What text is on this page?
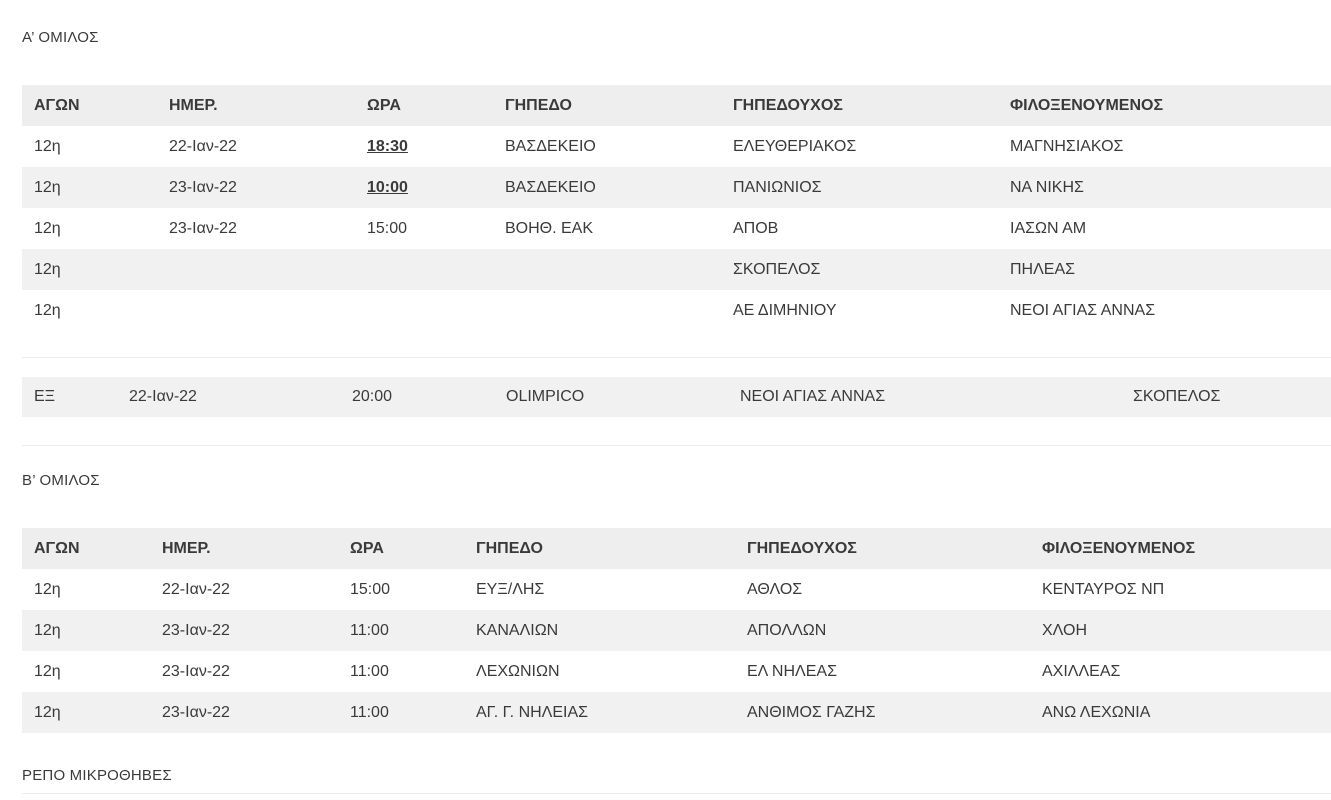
Α’ ΟΜΙΛΟΣ
ΑΓΩΝ	ΗΜΕΡ.	ΩΡΑ	ΓΗΠΕΔΟ	ΓΗΠΕΔΟΥΧΟΣ	ΦΙΛΟΞΕΝΟΥΜΕΝΟΣ
12η	22-Ιαν-22	18:30	ΒΑΣΔΕΚΕΙΟ	ΕΛΕΥΘΕΡΙΑΚΟΣ	ΜΑΓΝΗΣΙΑΚΟΣ
12η	23-Ιαν-22	10:00	ΒΑΣΔΕΚΕΙΟ	ΠΑΝΙΩΝΙΟΣ	ΝΑ ΝΙΚΗΣ
12η	23-Ιαν-22	15:00	ΒΟΗΘ. ΕΑΚ	ΑΠΟΒ	ΙΑΣΩΝ ΑΜ
12η				ΣΚΟΠΕΛΟΣ	ΠΗΛΕΑΣ
12η				ΑΕ ΔΙΜΗΝΙΟΥ	ΝΕΟΙ ΑΓΙΑΣ ΑΝΝΑΣ
ΕΞ	22-Ιαν-22	20:00	OLIMPICO	ΝΕΟΙ ΑΓΙΑΣ ΑΝΝΑΣ	ΣΚΟΠΕΛΟΣ
Β’ ΟΜΙΛΟΣ
ΑΓΩΝ	ΗΜΕΡ.	ΩΡΑ	ΓΗΠΕΔΟ	ΓΗΠΕΔΟΥΧΟΣ	ΦΙΛΟΞΕΝΟΥΜΕΝΟΣ
12η	22-Ιαν-22	15:00	ΕΥΞ/ΛΗΣ	ΑΘΛΟΣ	ΚΕΝΤΑΥΡΟΣ ΝΠ
12η	23-Ιαν-22	11:00	ΚΑΝΑΛΙΩΝ	ΑΠΟΛΛΩΝ	ΧΛΟΗ
12η	23-Ιαν-22	11:00	ΛΕΧΩΝΙΩΝ	ΕΛ ΝΗΛΕΑΣ	ΑΧΙΛΛΕΑΣ
12η	23-Ιαν-22	11:00	ΑΓ. Γ. ΝΗΛΕΙΑΣ	ΑΝΘΙΜΟΣ ΓΑΖΗΣ	ΑΝΩ ΛΕΧΩΝΙΑ
ΡΕΠΟ ΜΙΚΡΟΘΗΒΕΣ
